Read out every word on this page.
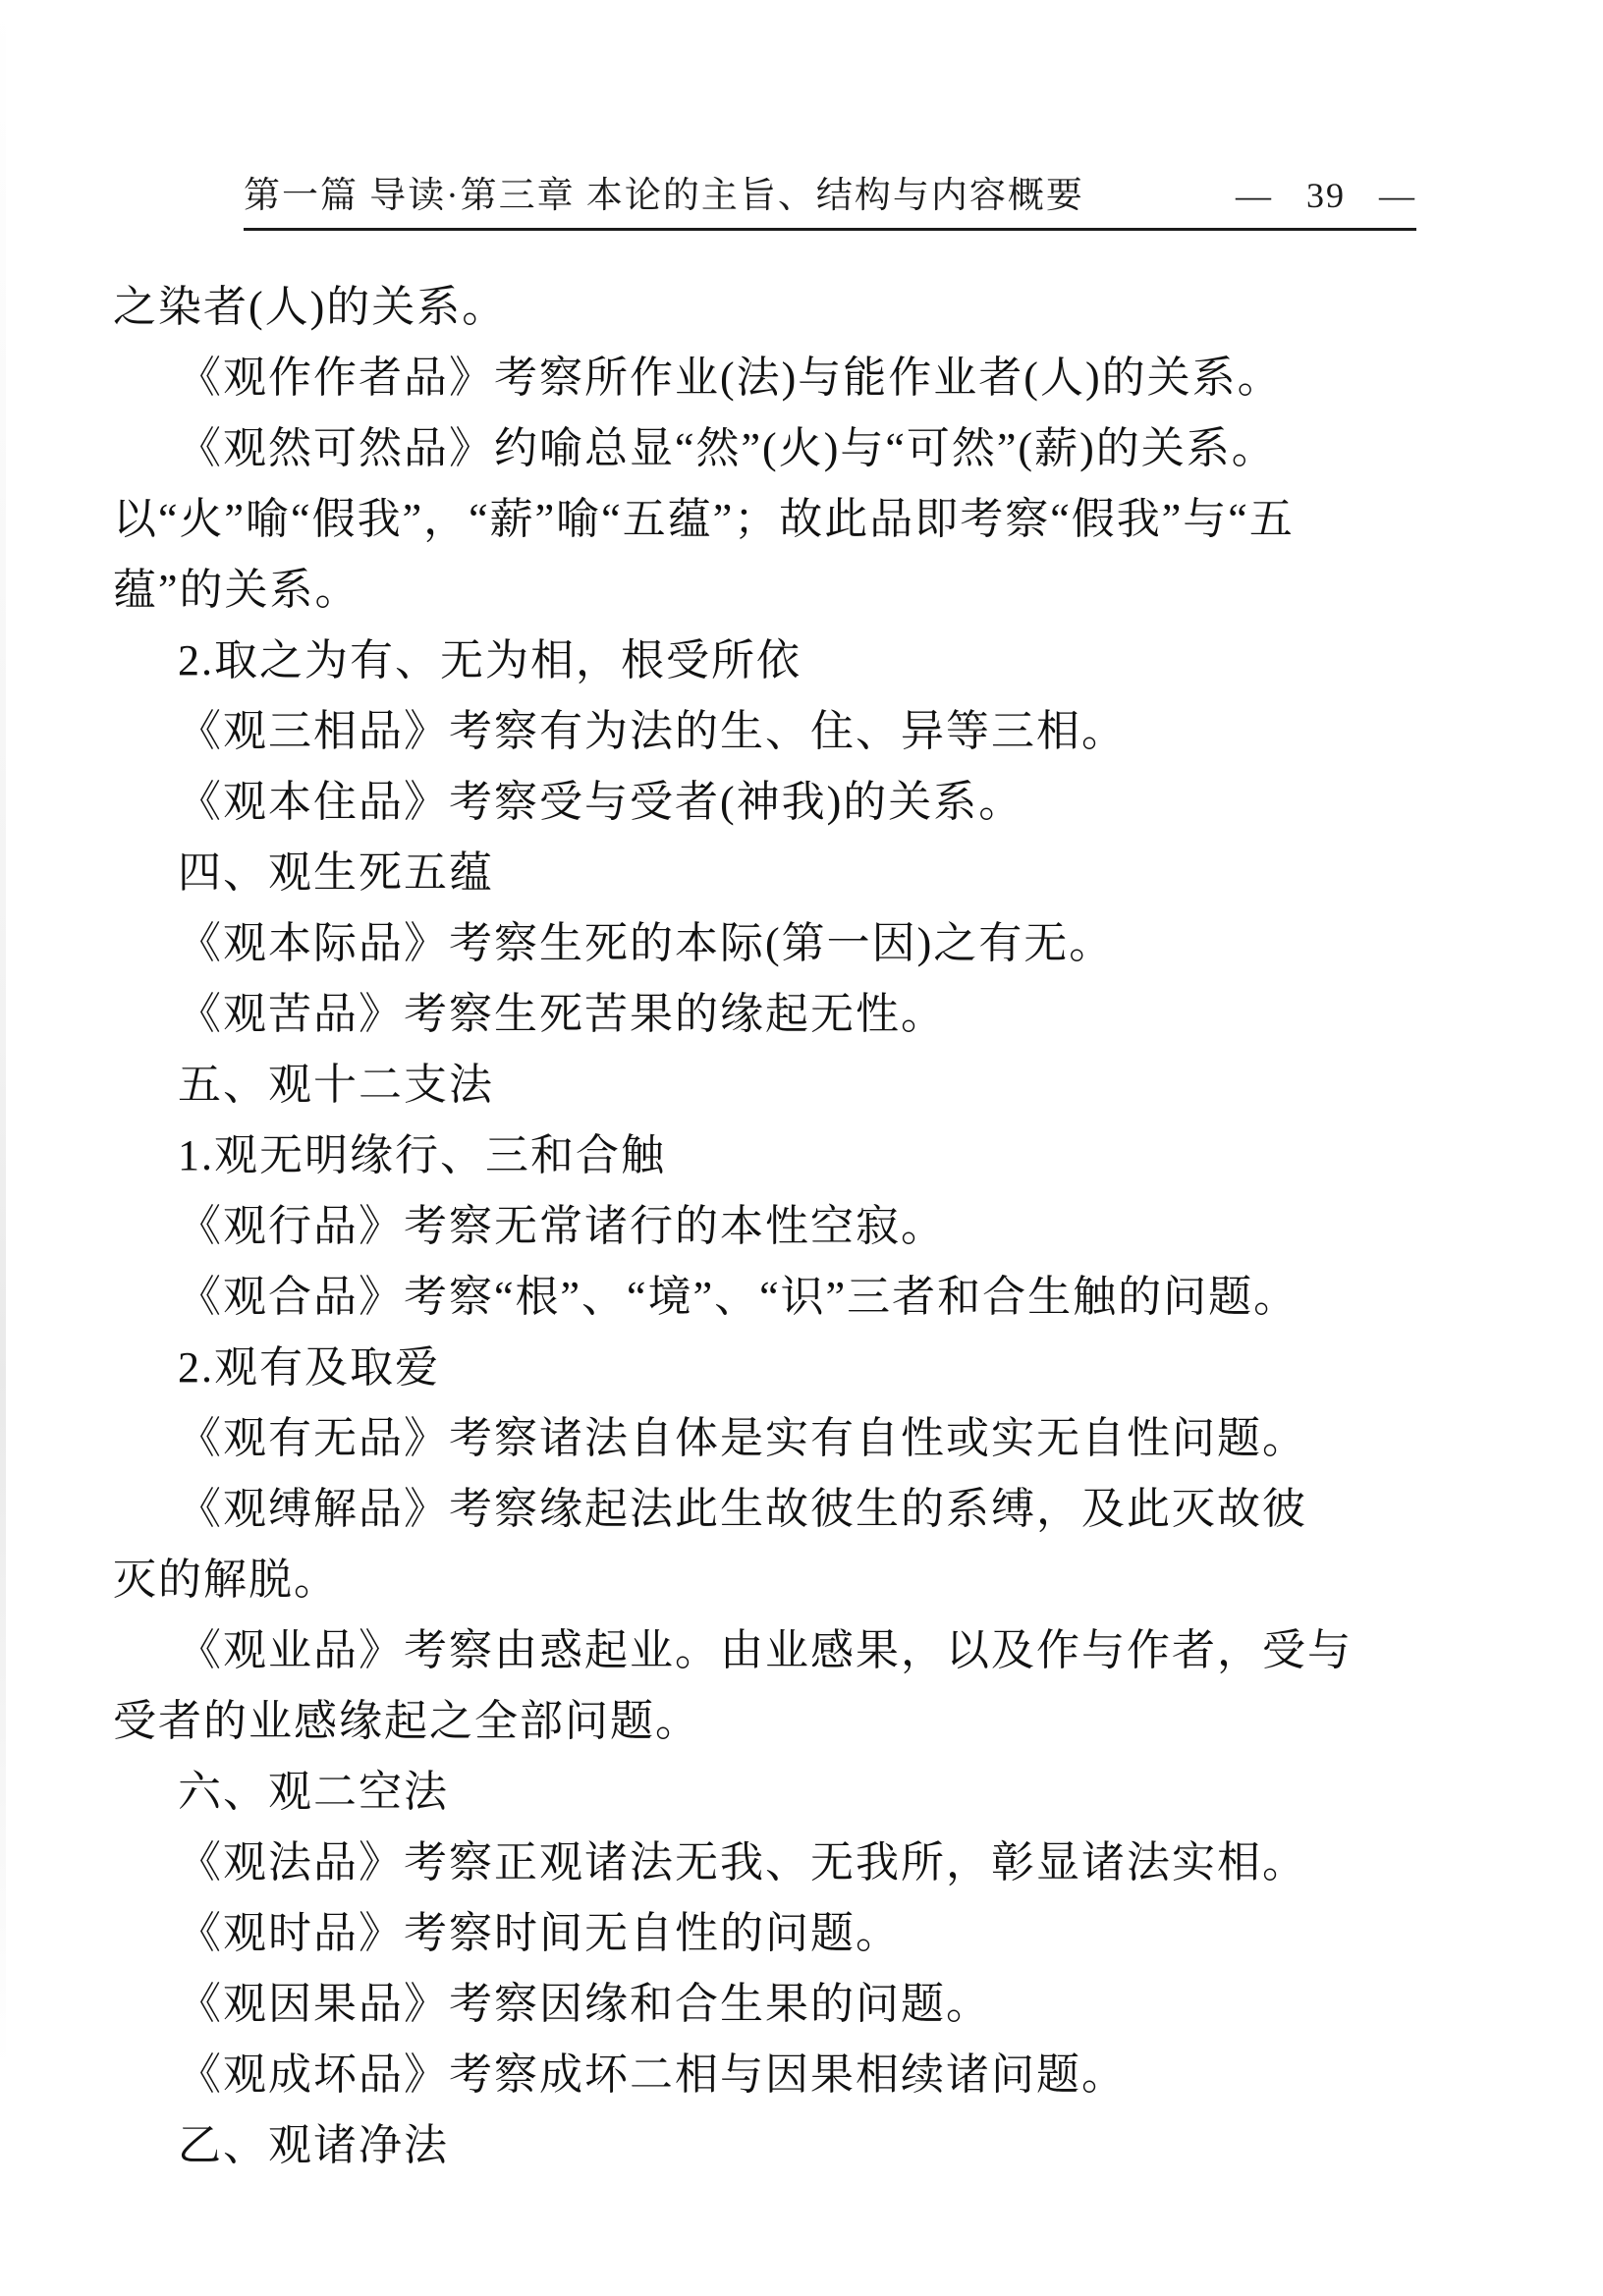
第一篇 导读·第三章 本论的主旨、结构与内容概要	— 39 —
之染者(人)的关系。
《观作作者品》考察所作业(法)与能作业者(人)的关系。
《观然可然品》约喻总显“然”(火)与“可然”(薪)的关系。
以“火”喻“假我”，“薪”喻“五蕴”；故此品即考察“假我”与“五
蕴”的关系。
2.取之为有、无为相，根受所依
《观三相品》考察有为法的生、住、异等三相。
《观本住品》考察受与受者(神我)的关系。
四、观生死五蕴
《观本际品》考察生死的本际(第一因)之有无。
《观苦品》考察生死苦果的缘起无性。
五、观十二支法
1.观无明缘行、三和合触
《观行品》考察无常诸行的本性空寂。
《观合品》考察“根”、“境”、“识”三者和合生触的问题。
2.观有及取爱
《观有无品》考察诸法自体是实有自性或实无自性问题。
《观缚解品》考察缘起法此生故彼生的系缚，及此灭故彼
灭的解脱。
《观业品》考察由惑起业。由业感果，以及作与作者，受与
受者的业感缘起之全部问题。
六、观二空法
《观法品》考察正观诸法无我、无我所，彰显诸法实相。
《观时品》考察时间无自性的问题。
《观因果品》考察因缘和合生果的问题。
《观成坏品》考察成坏二相与因果相续诸问题。
乙、观诸净法
